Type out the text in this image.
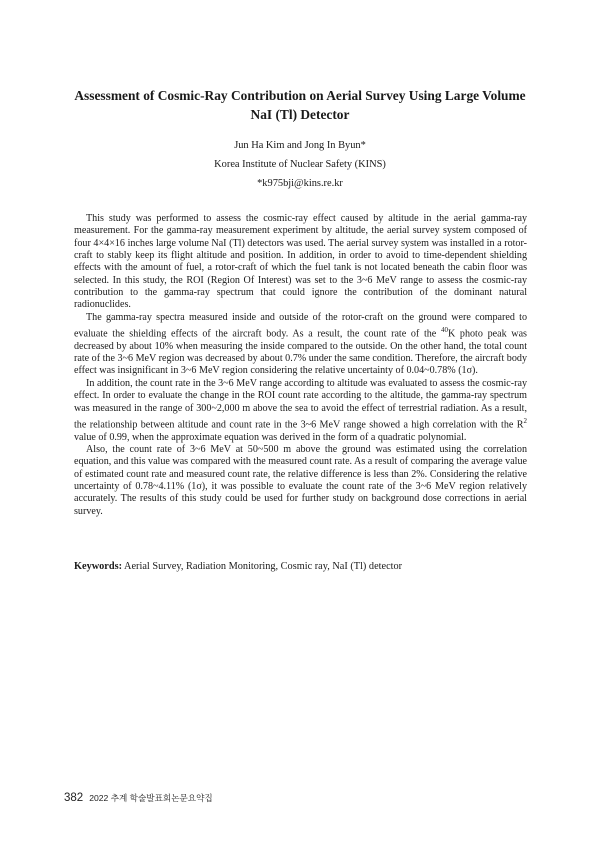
Assessment of Cosmic-Ray Contribution on Aerial Survey Using Large Volume
NaI (Tl) Detector

Jun Ha Kim and Jong In Byun*

Korea Institute of Nuclear Safety (KINS)

*k975bji@kins.re.kr

This study was performed to assess the cosmic-ray effect caused by altitude in the aerial gamma-ray measurement. For the gamma-ray measurement experiment by altitude, the aerial survey system composed of four 4×4×16 inches large volume NaI (Tl) detectors was used. The aerial survey system was installed in a rotor-craft to stably keep its flight altitude and position. In addition, in order to avoid to time-dependent shielding effects with the amount of fuel, a rotor-craft of which the fuel tank is not located beneath the cabin floor was selected. In this study, the ROI (Region Of Interest) was set to the 3~6 MeV range to assess the cosmic-ray contribution to the gamma-ray spectrum that could ignore the contribution of the dominant natural radionuclides.

The gamma-ray spectra measured inside and outside of the rotor-craft on the ground were compared to evaluate the shielding effects of the aircraft body. As a result, the count rate of the $^{40}$K photo peak was decreased by about 10% when measuring the inside compared to the outside. On the other hand, the total count rate of the 3~6 MeV region was decreased by about 0.7% under the same condition. Therefore, the aircraft body effect was insignificant in 3~6 MeV region considering the relative uncertainty of 0.04~0.78% (1σ).

In addition, the count rate in the 3~6 MeV range according to altitude was evaluated to assess the cosmic-ray effect. In order to evaluate the change in the ROI count rate according to the altitude, the gamma-ray spectrum was measured in the range of 300~2,000 m above the sea to avoid the effect of terrestrial radiation. As a result, the relationship between altitude and count rate in the 3~6 MeV range showed a high correlation with the $R^2$ value of 0.99, when the approximate equation was derived in the form of a quadratic polynomial.

Also, the count rate of 3~6 MeV at 50~500 m above the ground was estimated using the correlation equation, and this value was compared with the measured count rate. As a result of comparing the average value of estimated count rate and measured count rate, the relative difference is less than 2%. Considering the relative uncertainty of 0.78~4.11% (1σ), it was possible to evaluate the count rate of the 3~6 MeV region relatively accurately. The results of this study could be used for further study on background dose corrections in aerial survey.

Keywords: Aerial Survey, Radiation Monitoring, Cosmic ray, NaI (Tl) detector

382 2022 추계 학술발표회논문요약집
